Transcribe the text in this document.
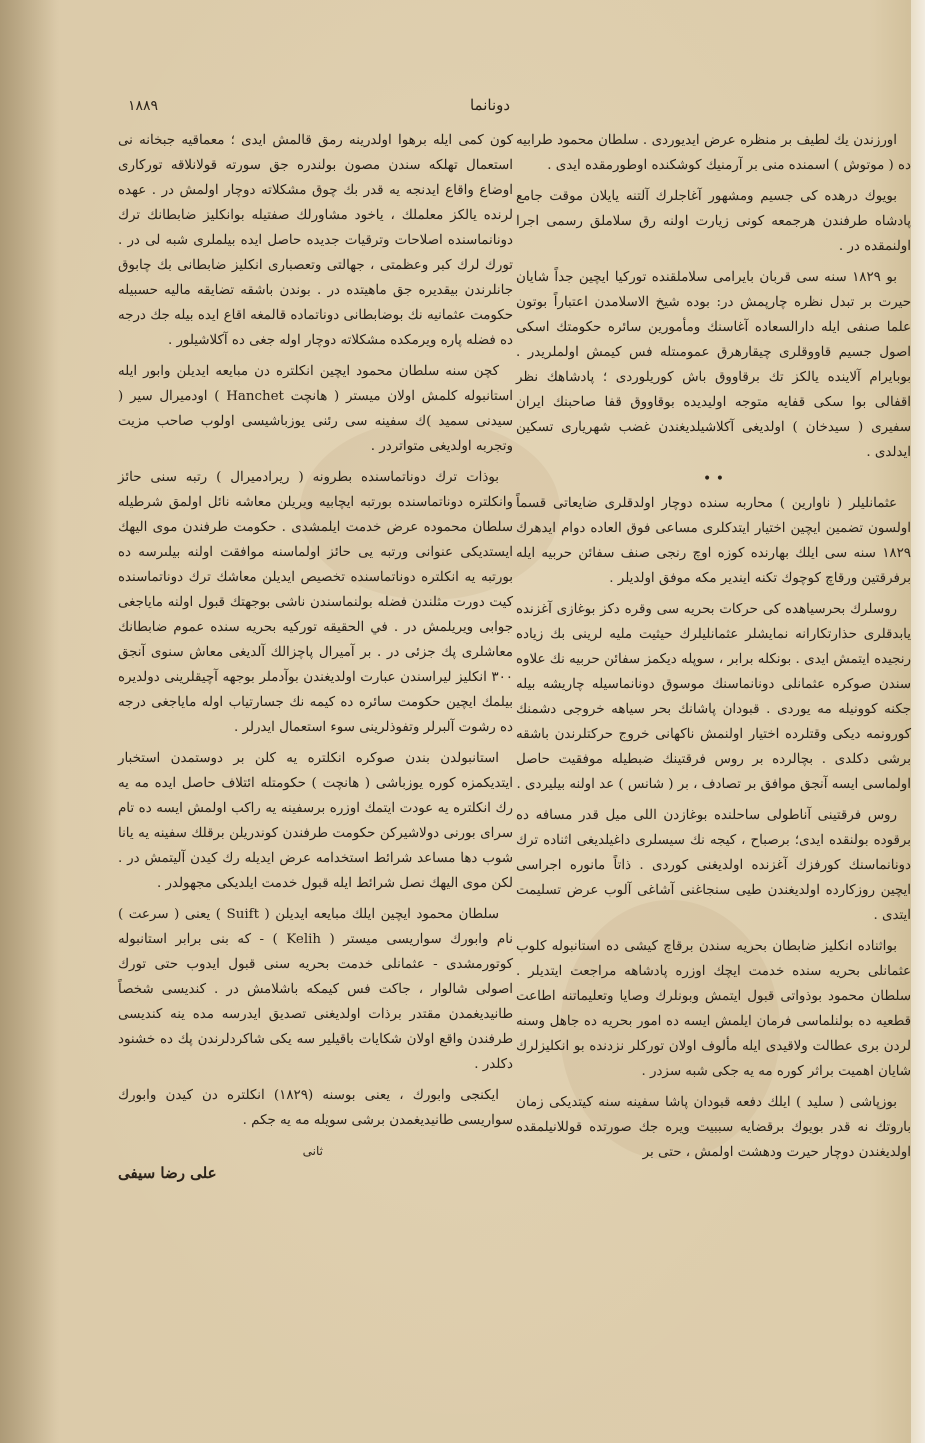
دونانما
١٨٨٩

اورزندن يك لطيف بر منظره عرض ايديوردى . سلطان محمود طرابيه ده ( موتوش ) اسمنده منى بر آرمنيك كوشكنده اوطورمقده ايدى .

بويوك درهده كى جسيم ومشهور آغاجلرك آلتنه يايلان موقت جامع پادشاه طرفندن هرجمعه كونى زيارت اولنه رق سلاملق رسمى اجرا اولنمقده در .

بو ١٨٢٩ سنه سى قربان بايرامى سلاملقنده توركيا ايچين جداً شايان حيرت بر تبدل نظره چارپمش در: بوده شيخ الاسلامدن اعتباراً بوتون علما صنفى ايله دارالسعاده آغاسنك ومأمورين سائره حكومتك اسكى اصول جسيم قاووقلرى چيقارهرق عمومىتله فس كيمش اولملريدر . بوبايرام آلاينده يالكز تك برقاووق باش كوريلوردى ؛ پادشاهك نظر اقفالى بوا سكى قفايه متوجه اوليديده بوقاووق قفا صاحبنك ايران سفيرى ( سيدخان ) اولديغى آكلاشيلديغندن غضب شهريارى تسكين ايدلدى .

• •

عثمانليلر ( ناوارين ) محاربه سنده دوچار اولدقلرى ضايعاتى قسماً اولسون تضمين ايچين اختيار ايتدكلرى مساعى فوق العاده دوام ايدهرك ١٨٢٩ سنه سى ايلك بهارنده كوزه اوچ رنجى صنف سفائن حربيه ايله برفرقتين ورقاچ كوچوك تكنه ايندير مكه موفق اولديلر .

روسلرك بحرسياهده كى حركات بحريه سى وقره دكز بوغازى آغزنده يابدقلرى حذارتكارانه نمايشلر عثمانليلرك حيثيت مليه لرينى بك زياده رنجيده ايتمش ايدى . بونكله برابر ، سوپله ديكمز سفائن حربيه نك علاوه سندن صوكره عثمانلى دونانماسنك موسوق دونانماسيله چاريشه بيله جكنه كوونيله مه يوردى . قبودان پاشانك بحر سياهه خروجى دشمنك كورونمه ديكى وقتلرده اختيار اولنمش ناكهانى خروج حركتلرندن باشقه برشى دكلدى . بچالرده بر روس فرقتينك ضبطيله موفقيت حاصل اولماسى ايسه آنجق موافق بر تصادف ، بر ( شانس ) عد اولنه بيليردى .

روس فرقتينى آناطولى ساحلنده بوغازدن اللى ميل قدر مسافه ده برقوده بولنقده ايدى؛ برصباح ، كيجه نك سيسلرى داغيلديغى اثناده ترك دونانماسنك كورفزك آغزنده اولديغنى كوردى . ذاتاً مانوره اجراسى ايچين روزكارده اولديغندن طيى سنجاغنى آشاغى آلوب عرض تسليمت ايتدى .

بواثناده انكليز ضابطان بحريه سندن برقاچ كيشى ده استانبوله كلوب عثمانلى بحريه سنده خدمت ايچك اوزره پادشاهه مراجعت ايتديلر . سلطان محمود بوذواتى قبول ايتمش وبونلرك وصايا وتعليماتنه اطاعت قطعيه ده بولنلماسى فرمان ايلمش ايسه ده امور بحريه ده جاهل وسنه لردن برى عطالت ولاقيدى ايله مألوف اولان توركلر نزدنده بو انكليزلرك شايان اهميت براثر كوره مه يه جكى شبه سزدر .

بوزپاشى ( سليد ) ايلك دفعه قبودان پاشا سفينه سنه كيتديكى زمان باروتك نه قدر بويوك برقضايه سببيت ويره جك صورتده قوللانيلمقده اولديغندن دوچار حيرت ودهشت اولمش ، حتى بر

كون كمى ايله برهوا اولدرينه رمق قالمش ايدى ؛ معماقيه جبخانه نى استعمال تهلكه سندن مصون بولندره جق سورته قولانلاقه توركارى اوضاع واقاع ايدنجه يه قدر بك چوق مشكلاته دوچار اولمش در . عهده لرنده يالكز معلملك ، ياخود مشاورلك صفتيله بوانكليز ضابطانك ترك دونانماسنده اصلاحات وترقيات جديده حاصل ايده بيلملرى شبه لى در . تورك لرك كبر وعظمتى ، جهالتى وتعصبارى انكليز ضابطانى بك چابوق جانلرندن بيقديره جق ماهيتده در . بوندن باشقه تضايقه ماليه حسبيله حكومت عثمانيه نك بوضابطانى دوناتماده قالمغه اقاع ايده بيله جك درجه ده فضله پاره ويرمكده مشكلاته دوچار اوله جغى ده آكلاشيلور .

كچن سنه سلطان محمود ايچين انكلتره دن مبايعه ايديلن وابور ايله استانبوله كلمش اولان ميستر ( هانچت Hanchet ) اودميرال سير ( سيدنى سميد )ك سفينه سى رئنى يوزباشيسى اولوب صاحب مزيت وتجربه اولديغى متواتردر .

بوذات ترك دوناتماسنده بطرونه ( ريرادميرال ) رتبه سنى حائز وانكلتره دوناتماسنده بورتبه ايچابيه ويريلن معاشه نائل اولمق شرطيله سلطان محموده عرض خدمت ايلمشدى . حكومت طرفندن موى اليهك ايستديكى عنوانى ورتبه يى حائز اولماسنه موافقت اولنه بيلىرسه ده بورتبه يه انكلتره دوناتماسنده تخصيص ايديلن معاشك ترك دوناتماسنده كيت دورت مثلندن فضله بولنماسندن ناشى بوجهتك قبول اولنه ماياجغى جوابى ويريلمش در . في الحقيقه توركيه بحريه سنده عموم ضابطانك معاشلرى پك جزئى در . بر آميرال پاچزالك آلديغى معاش سنوى آنجق ٣٠٠ انكليز ليراسندن عبارت اولديغندن بوآدملر بوجهه آچيقلرينى دولديره بيلمك ايچين حكومت سائره ده كيمه نك جسارتياب اوله ماياجغى درجه ده رشوت آلبرلر وتفوذلرينى سوء استعمال ايدرلر .

استانبولدن بندن صوكره انكلتره يه كلن بر دوستمدن استخبار ايتديكمزه كوره يوزباشى ( هانچت ) حكومتله ائتلاف حاصل ايده مه يه رك انكلتره يه عودت ايتمك اوزره برسفينه يه راكب اولمش ايسه ده تام سراى بورنى دولاشيركن حكومت طرفندن كوندريلن برقلك سفينه يه يانا شوب دها مساعد شرائط استخدامه عرض ايديله رك كيدن آليتمش در . لكن موى اليهك نصل شرائط ايله قبول خدمت ايلديكى مجهولدر .

سلطان محمود ايچين ايلك مبايعه ايديلن ( Suift ) يعنى ( سرعت ) نام وابورك سواريسى ميستر ( Kelih ) - كه بنى برابر استانبوله كوتورمشدى - عثمانلى خدمت بحريه سنى قبول ايدوب حتى تورك اصولى شالوار ، جاكت فس كيمكه باشلامش در . كنديسى شخصاً طانيديغمدن مقتدر برذات اولديغنى تصديق ايدرسه مده ينه كنديسى طرفندن واقع اولان شكايات باقيلير سه يكى شاكردلرندن پك ده خشنود دكلدر .

ايكنجى وابورك ، يعنى بوسنه (١٨٢٩) انكلتره دن كيدن وابورك سواريسى طانيديغمدن برشى سويله مه يه جكم .

ثانى
على رضا سيفى
